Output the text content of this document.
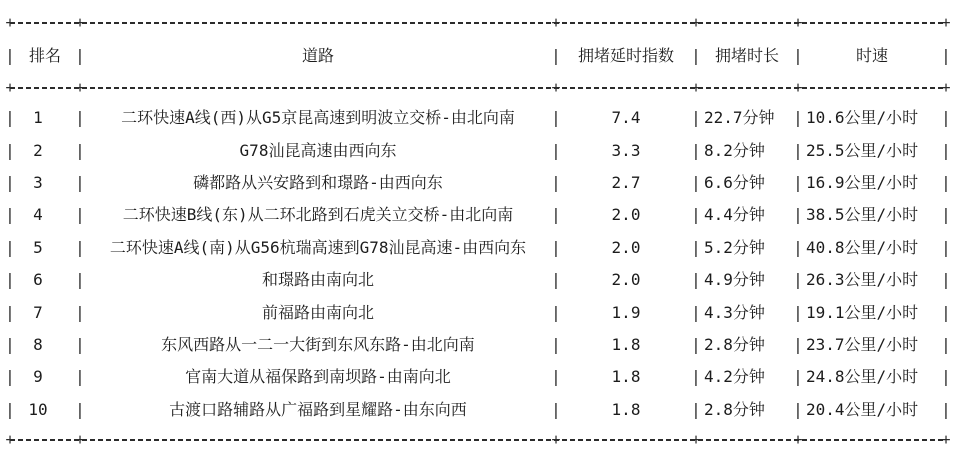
+
+
+
+
+
+
| 排名	| 道路	| 拥堵延时指数	| 拥堵时长	| 时速 |
+
+
+
+
+
+
| 1	| 二环快速A线(西)从G5京昆高速到明波立交桥-由北向南	| 7.4	| 22.7分钟	| 10.6公里/小时 |
| 2	| G78汕昆高速由西向东	| 3.3	| 8.2分钟	| 25.5公里/小时 |
| 3	| 磷都路从兴安路到和璟路-由西向东	| 2.7	| 6.6分钟	| 16.9公里/小时 |
| 4	| 二环快速B线(东)从二环北路到石虎关立交桥-由北向南	| 2.0	| 4.4分钟	| 38.5公里/小时 |
| 5	| 二环快速A线(南)从G56杭瑞高速到G78汕昆高速-由西向东	| 2.0	| 5.2分钟	| 40.8公里/小时 |
| 6	| 和璟路由南向北	| 2.0	| 4.9分钟	| 26.3公里/小时 |
| 7	| 前福路由南向北	| 1.9	| 4.3分钟	| 19.1公里/小时 |
| 8	| 东风西路从一二一大街到东风东路-由北向南	| 1.8	| 2.8分钟	| 23.7公里/小时 |
| 9	| 官南大道从福保路到南坝路-由南向北	| 1.8	| 4.2分钟	| 24.8公里/小时 |
| 10	| 古渡口路辅路从广福路到星耀路-由东向西	| 1.8	| 2.8分钟	| 20.4公里/小时 |
+
+
+
+
+
+
